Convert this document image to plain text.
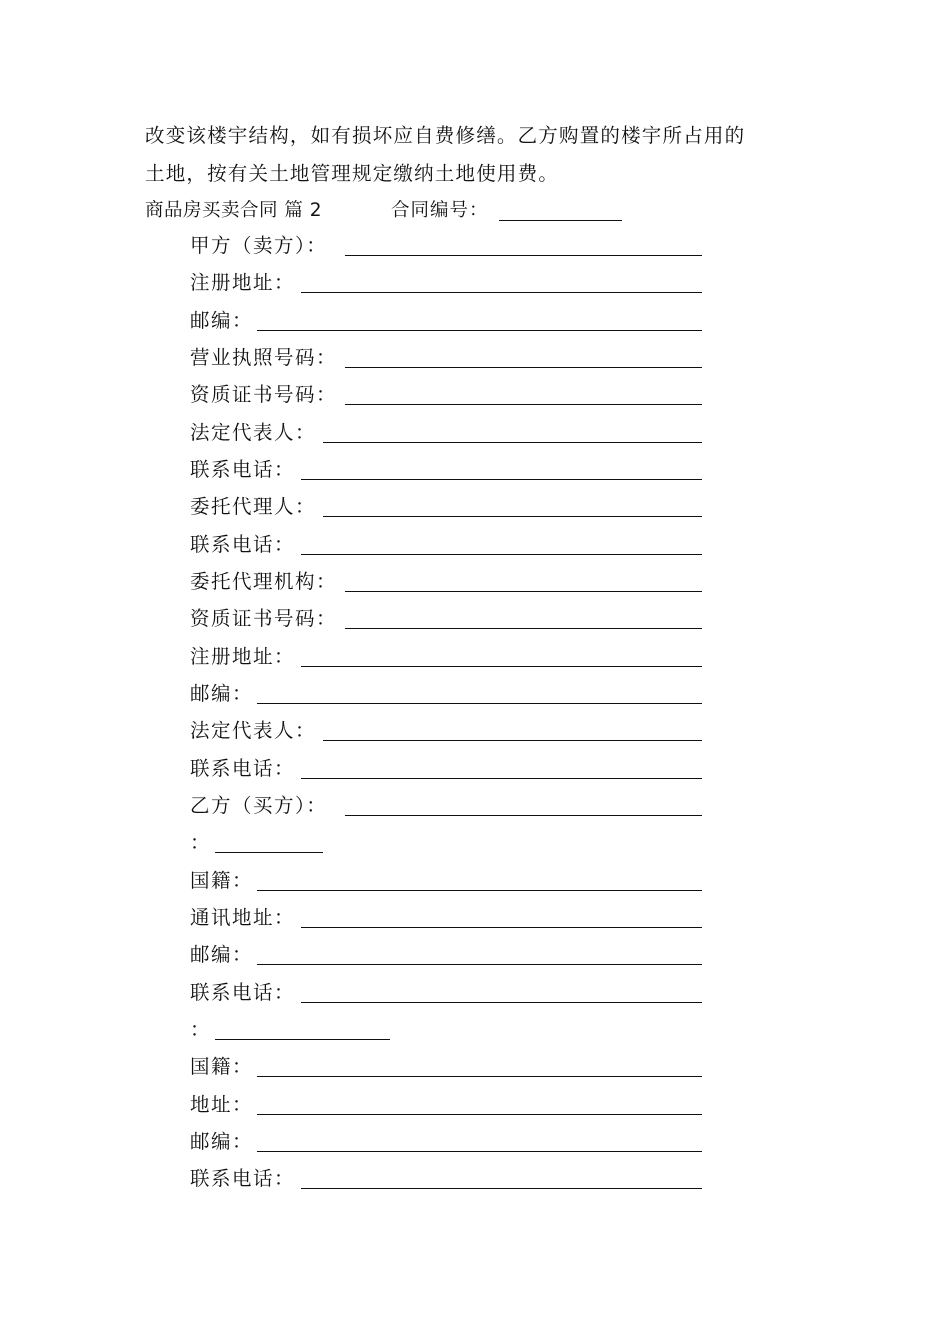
改变该楼宇结构，如有损坏应自费修缮。乙方购置的楼宇所占用的
土地，按有关土地管理规定缴纳土地使用费。
商品房买卖合同 篇 2	合同编号：
甲方（卖方）：
注册地址：
邮编：
营业执照号码：
资质证书号码：
法定代表人：
联系电话：
委托代理人：
联系电话：
委托代理机构：
资质证书号码：
注册地址：
邮编：
法定代表人：
联系电话：
乙方（买方）：
：
国籍：
通讯地址：
邮编：
联系电话：
：
国籍：
地址：
邮编：
联系电话：
